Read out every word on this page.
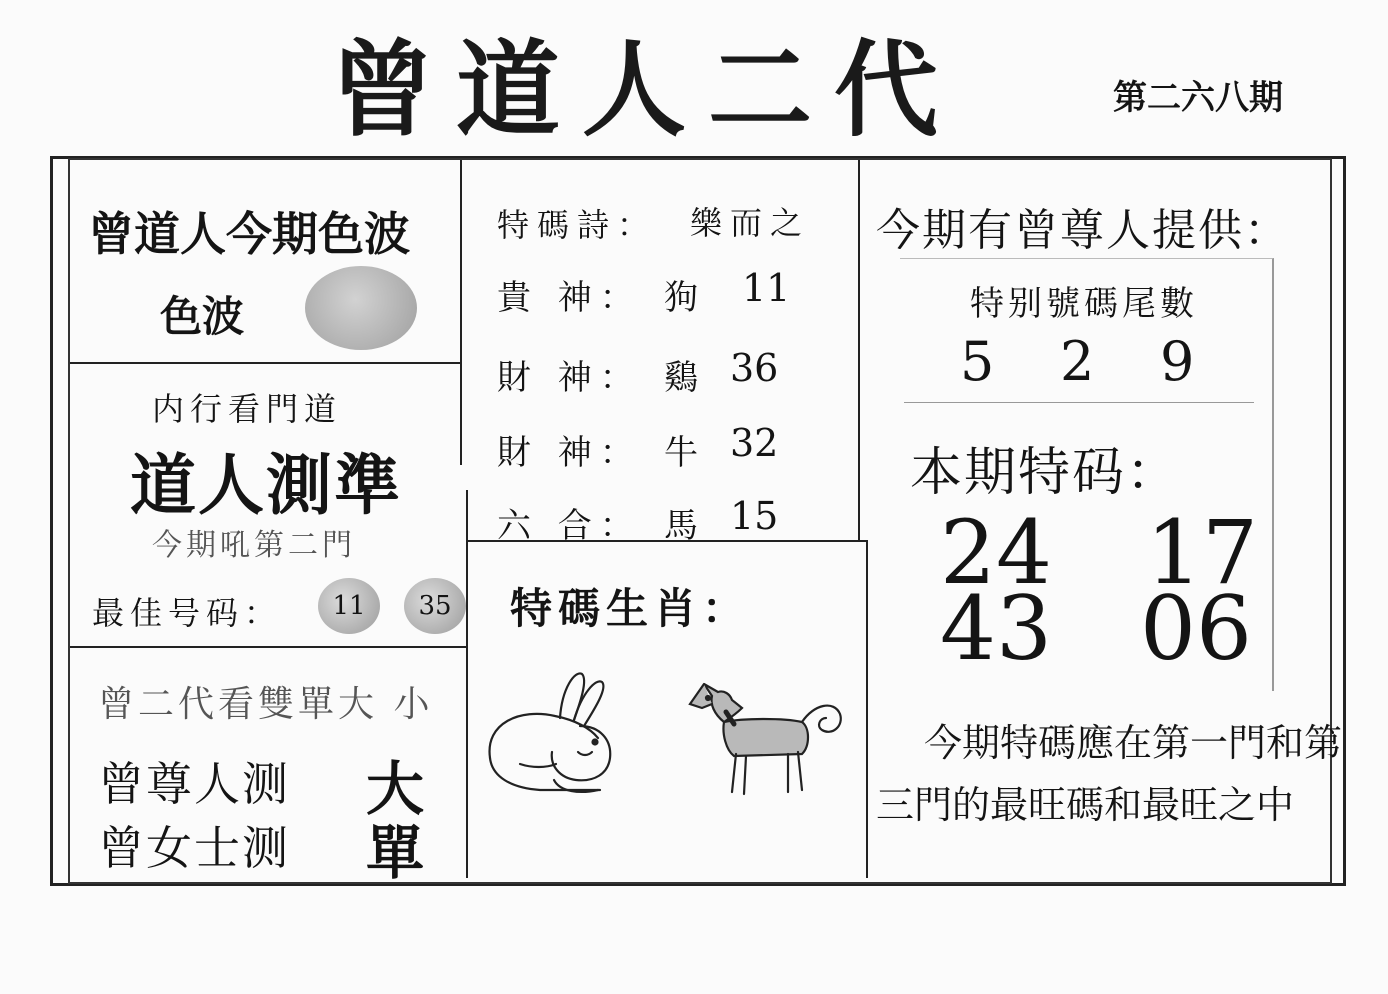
曾道人二代	第二六八期
曾道人今期色波
色波
内行看門道
道人測準
今期吼第二門
最佳号码： 11 35
曾二代看雙單大 小
曾尊人测 大
曾女士测 單
特碼詩： 樂而之
貴 神： 狗 11
財 神： 鷄 36
財 神： 牛 32
六 合： 馬 15
特碼生肖：
今期有曾尊人提供：
特别號碼尾數
5 2 9
本期特码：
24 17
43 06
今期特碼應在第一門和第
三門的最旺碼和最旺之中
